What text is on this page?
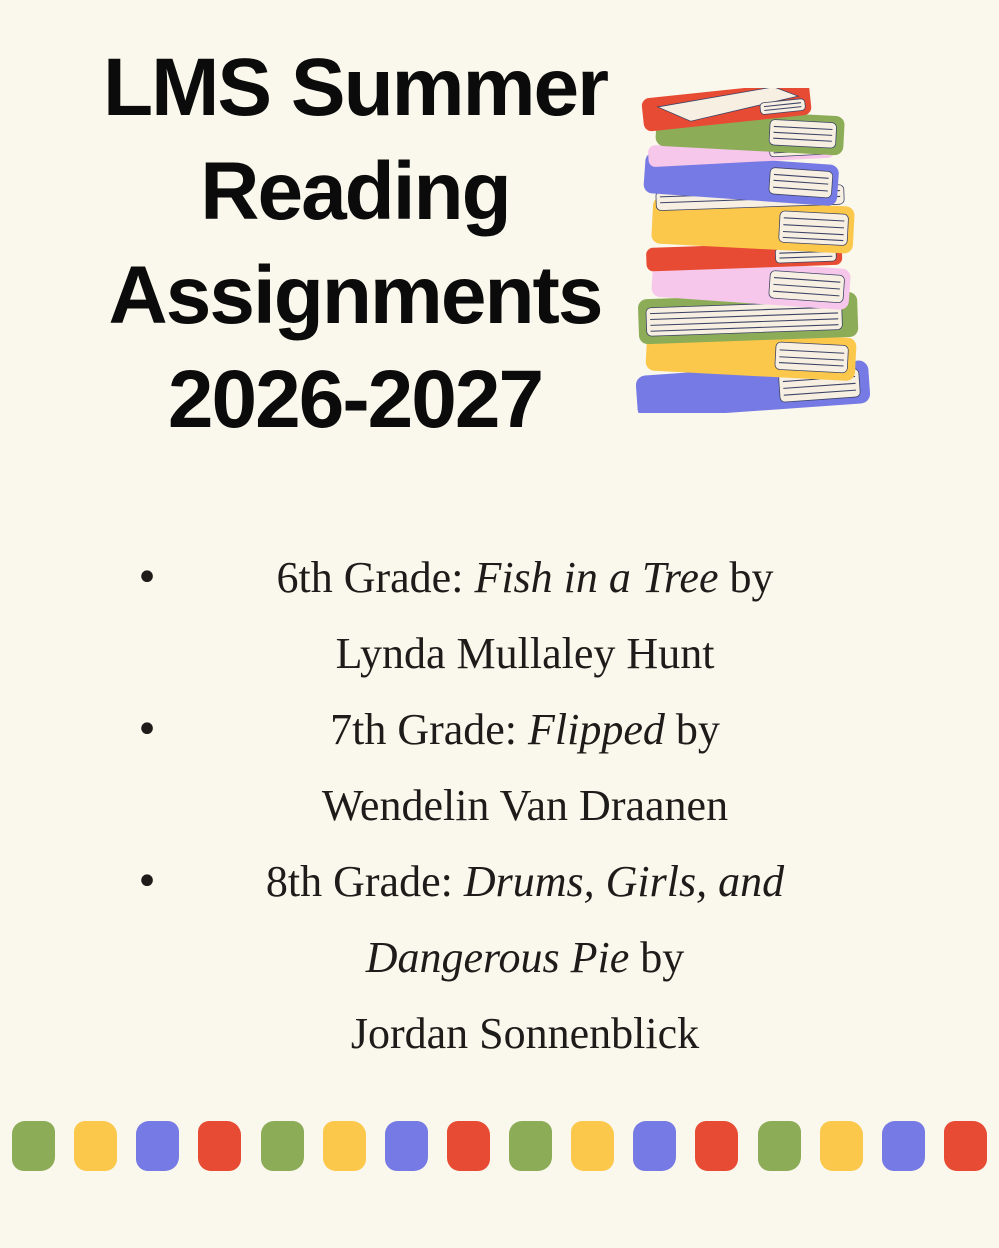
LMS Summer
Reading
Assignments
2026-2027
•	6th Grade: Fish in a Tree by
Lynda Mullaley Hunt
•	7th Grade: Flipped by
Wendelin Van Draanen
•	8th Grade: Drums, Girls, and
Dangerous Pie by
Jordan Sonnenblick
